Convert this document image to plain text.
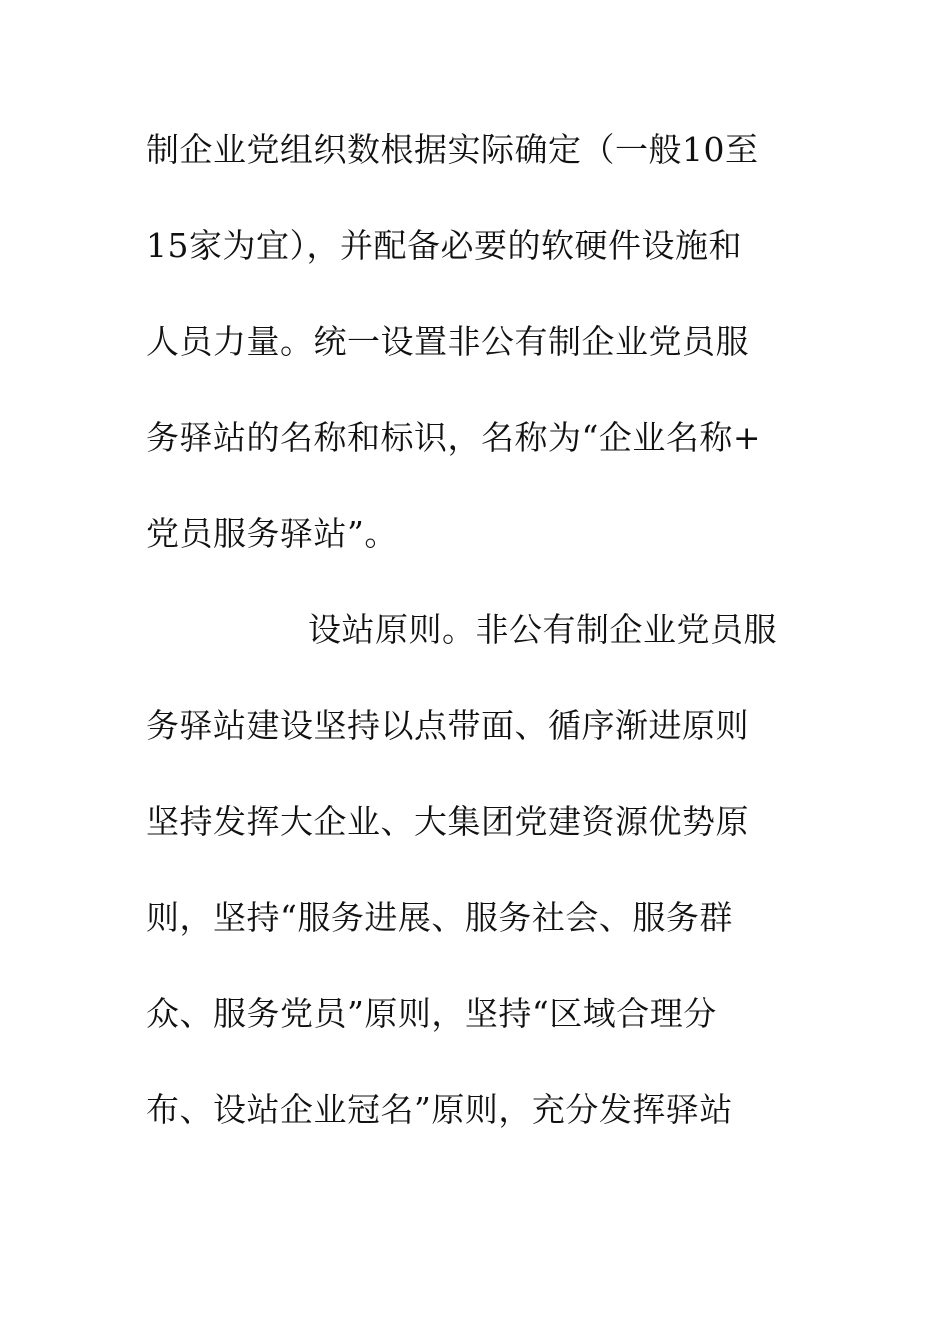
制企业党组织数根据实际确定（一般10至
15家为宜），并配备必要的软硬件设施和
人员力量。统一设置非公有制企业党员服
务驿站的名称和标识，名称为“企业名称+
党员服务驿站”。
设站原则。非公有制企业党员服
务驿站建设坚持以点带面、循序渐进原则
坚持发挥大企业、大集团党建资源优势原
则，坚持“服务进展、服务社会、服务群
众、服务党员”原则，坚持“区域合理分
布、设站企业冠名”原则，充分发挥驿站
